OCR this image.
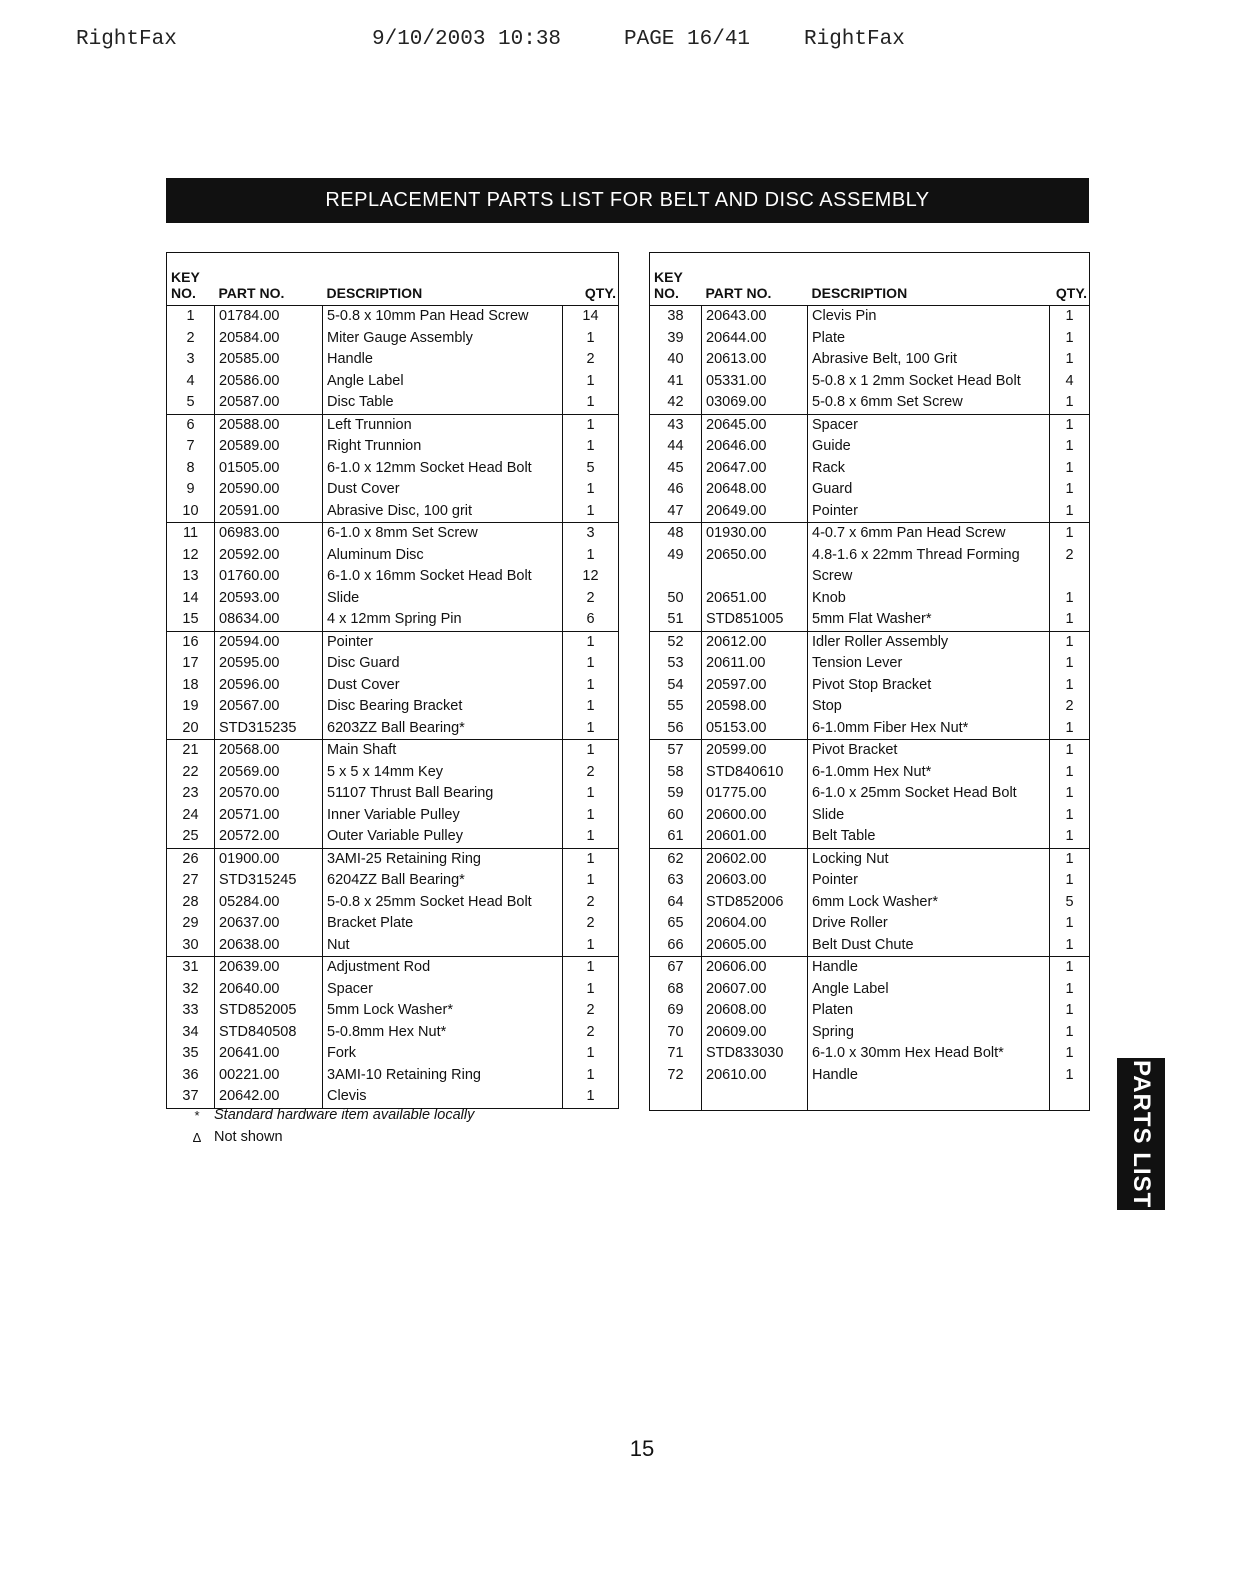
RightFax	9/10/2003 10:38	PAGE 16/41	RightFax
REPLACEMENT PARTS LIST FOR BELT AND DISC ASSEMBLY
KEY
NO.	PART NO.	DESCRIPTION	QTY.
1	01784.00	5-0.8 x 10mm Pan Head Screw	14
2	20584.00	Miter Gauge Assembly	1
3	20585.00	Handle	2
4	20586.00	Angle Label	1
5	20587.00	Disc Table	1
6	20588.00	Left Trunnion	1
7	20589.00	Right Trunnion	1
8	01505.00	6-1.0 x 12mm Socket Head Bolt	5
9	20590.00	Dust Cover	1
10	20591.00	Abrasive Disc, 100 grit	1
11	06983.00	6-1.0 x 8mm Set Screw	3
12	20592.00	Aluminum Disc	1
13	01760.00	6-1.0 x 16mm Socket Head Bolt	12
14	20593.00	Slide	2
15	08634.00	4 x 12mm Spring Pin	6
16	20594.00	Pointer	1
17	20595.00	Disc Guard	1
18	20596.00	Dust Cover	1
19	20567.00	Disc Bearing Bracket	1
20	STD315235	6203ZZ Ball Bearing*	1
21	20568.00	Main Shaft	1
22	20569.00	5 x 5 x 14mm Key	2
23	20570.00	51107 Thrust Ball Bearing	1
24	20571.00	Inner Variable Pulley	1
25	20572.00	Outer Variable Pulley	1
26	01900.00	3AMI-25 Retaining Ring	1
27	STD315245	6204ZZ Ball Bearing*	1
28	05284.00	5-0.8 x 25mm Socket Head Bolt	2
29	20637.00	Bracket Plate	2
30	20638.00	Nut	1
31	20639.00	Adjustment Rod	1
32	20640.00	Spacer	1
33	STD852005	5mm Lock Washer*	2
34	STD840508	5-0.8mm Hex Nut*	2
35	20641.00	Fork	1
36	00221.00	3AMI-10 Retaining Ring	1
37	20642.00	Clevis	1
KEY
NO.	PART NO.	DESCRIPTION	QTY.
38	20643.00	Clevis Pin	1
39	20644.00	Plate	1
40	20613.00	Abrasive Belt, 100 Grit	1
41	05331.00	5-0.8 x 1 2mm Socket Head Bolt	4
42	03069.00	5-0.8 x 6mm Set Screw	1
43	20645.00	Spacer	1
44	20646.00	Guide	1
45	20647.00	Rack	1
46	20648.00	Guard	1
47	20649.00	Pointer	1
48	01930.00	4-0.7 x 6mm Pan Head Screw	1
49	20650.00	4.8-1.6 x 22mm Thread Forming	2
		Screw	
50	20651.00	Knob	1
51	STD851005	5mm Flat Washer*	1
52	20612.00	Idler Roller Assembly	1
53	20611.00	Tension Lever	1
54	20597.00	Pivot Stop Bracket	1
55	20598.00	Stop	2
56	05153.00	6-1.0mm Fiber Hex Nut*	1
57	20599.00	Pivot Bracket	1
58	STD840610	6-1.0mm Hex Nut*	1
59	01775.00	6-1.0 x 25mm Socket Head Bolt	1
60	20600.00	Slide	1
61	20601.00	Belt Table	1
62	20602.00	Locking Nut	1
63	20603.00	Pointer	1
64	STD852006	6mm Lock Washer*	5
65	20604.00	Drive Roller	1
66	20605.00	Belt Dust Chute	1
67	20606.00	Handle	1
68	20607.00	Angle Label	1
69	20608.00	Platen	1
70	20609.00	Spring	1
71	STD833030	6-1.0 x 30mm Hex Head Bolt*	1
72	20610.00	Handle	1

* Standard hardware item available locally
Δ Not shown	PARTS LIST
15
